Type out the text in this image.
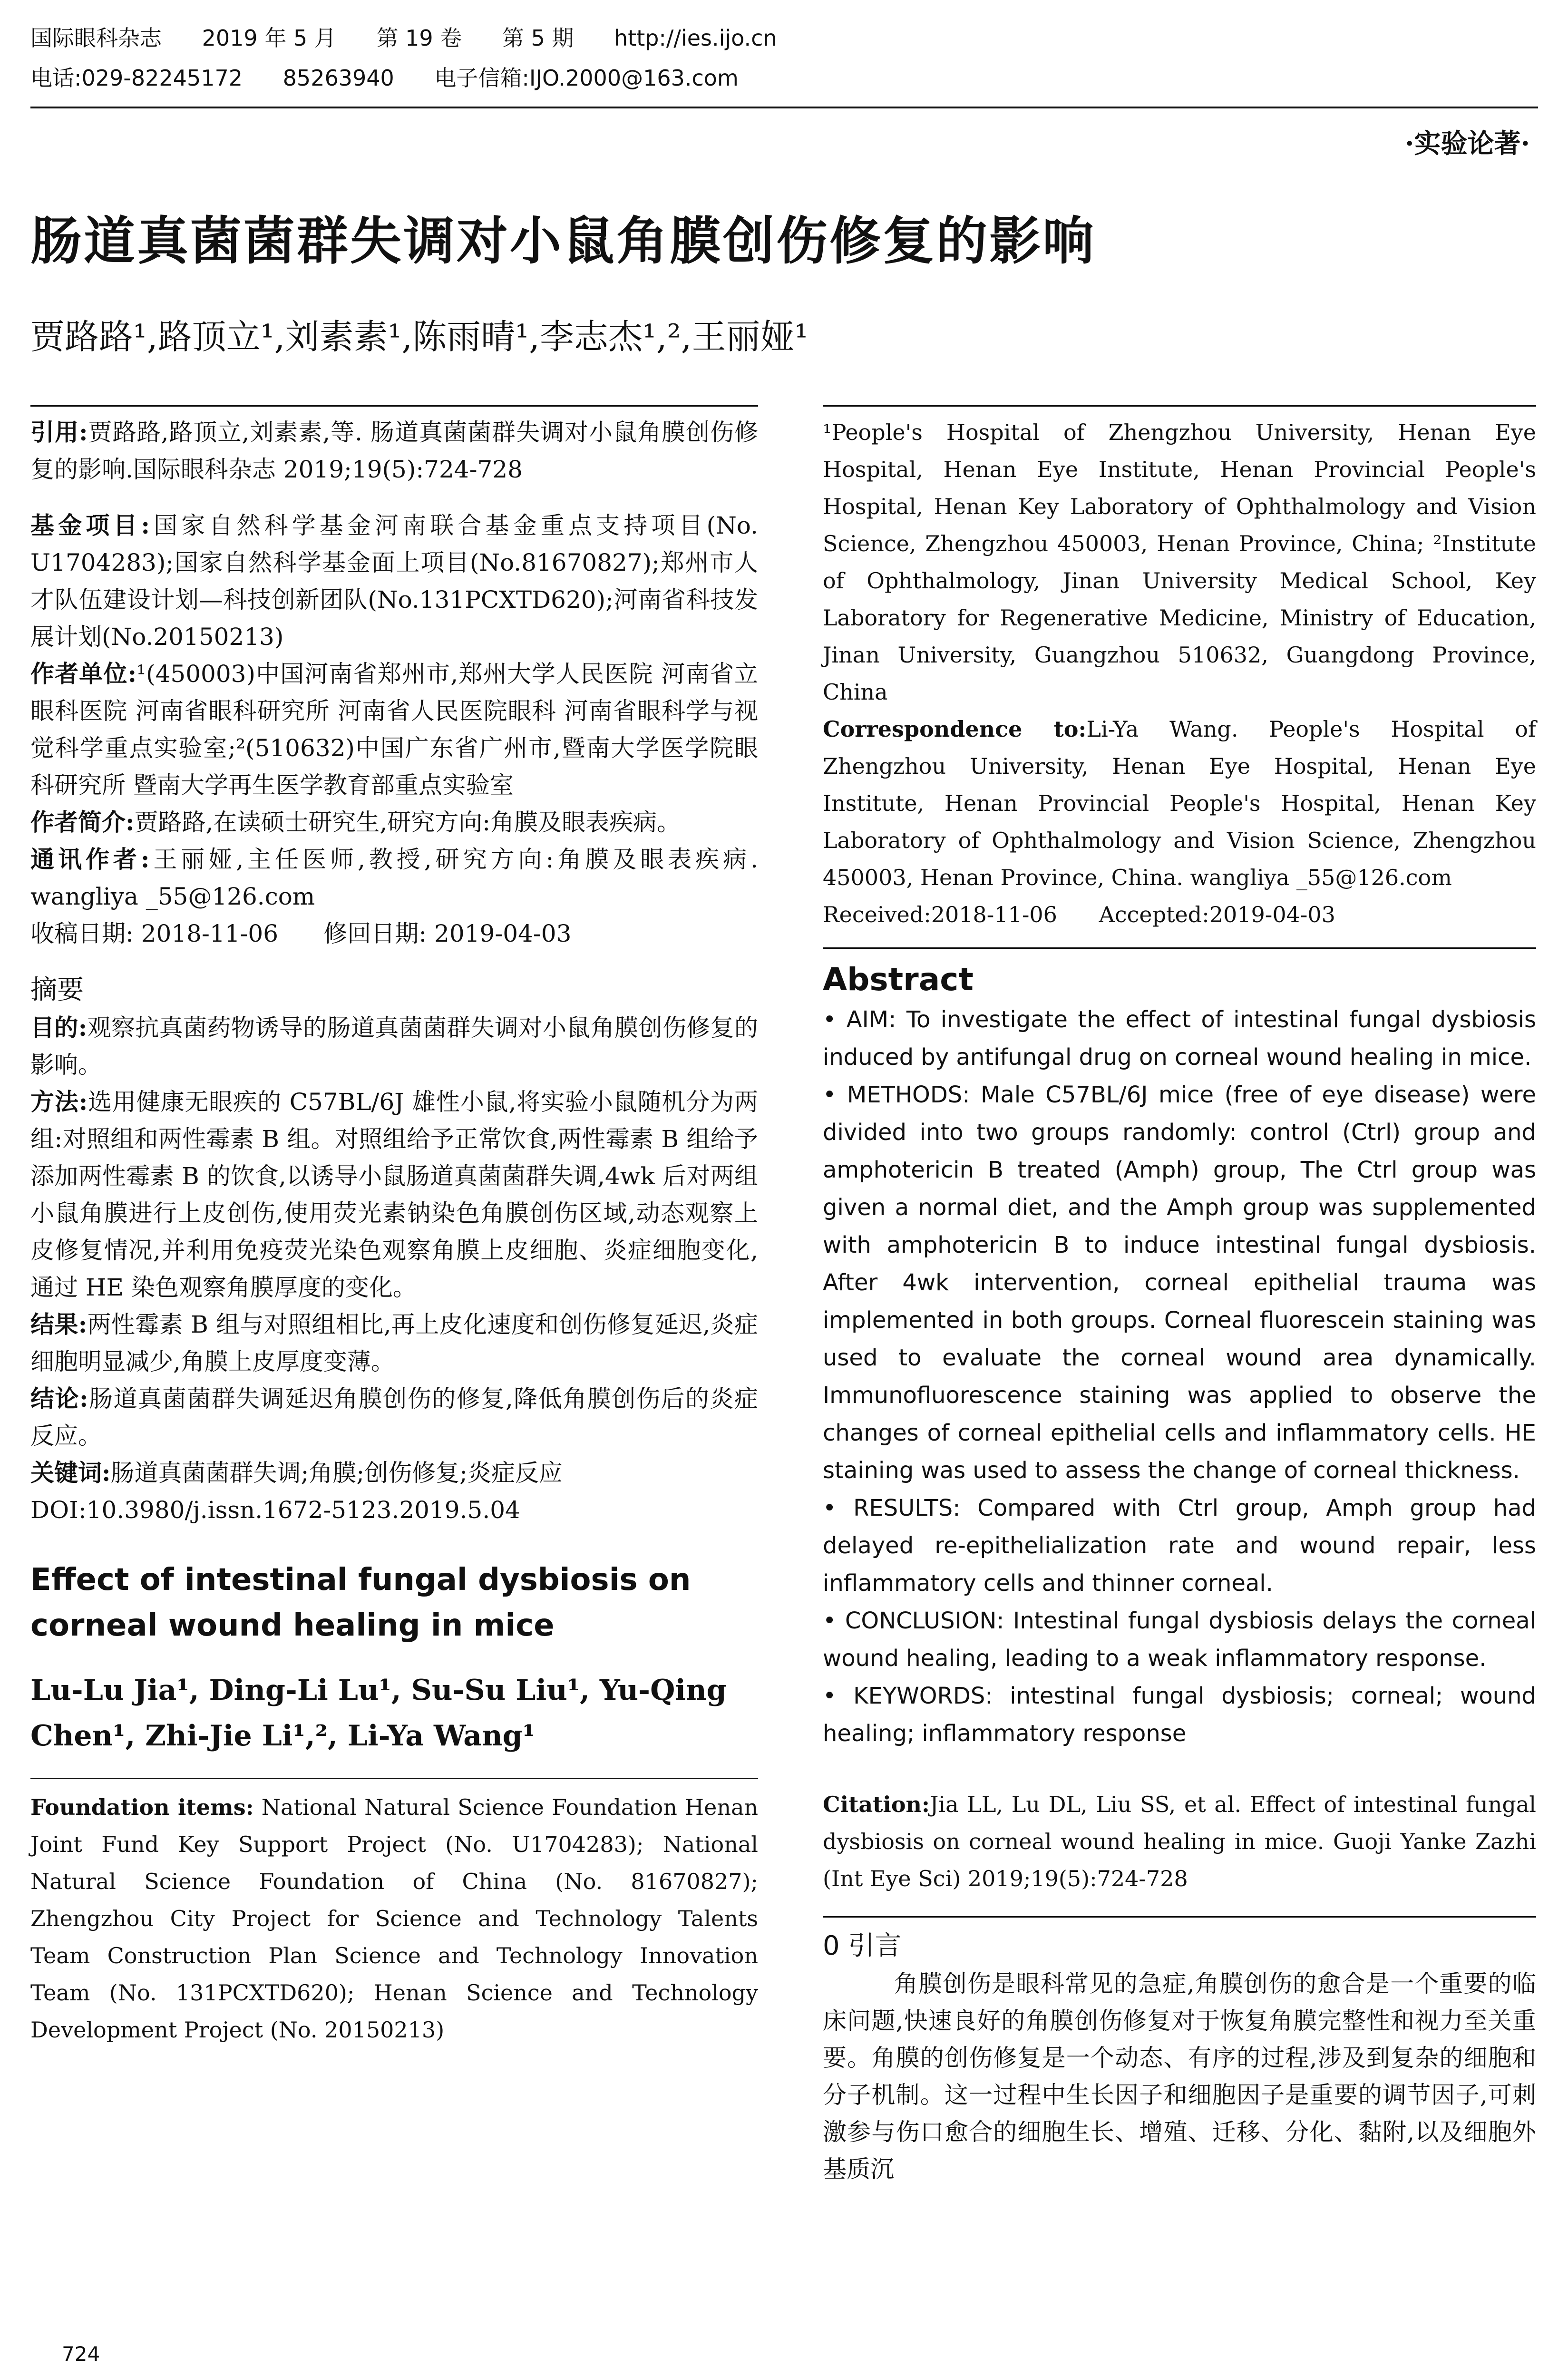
国际眼科杂志 2019 年 5 月 第 19 卷 第 5 期 http://ies.ijo.cn
电话:029-82245172 85263940 电子信箱:IJO.2000@163.com
·实验论著·
肠道真菌菌群失调对小鼠角膜创伤修复的影响
贾路路¹,路顶立¹,刘素素¹,陈雨晴¹,李志杰¹,²,王丽娅¹

引用:贾路路,路顶立,刘素素,等. 肠道真菌菌群失调对小鼠角膜创伤修复的影响.国际眼科杂志 2019;19(5):724-728

基金项目:国家自然科学基金河南联合基金重点支持项目(No. U1704283);国家自然科学基金面上项目(No.81670827);郑州市人才队伍建设计划—科技创新团队(No.131PCXTD620);河南省科技发展计划(No.20150213)

作者单位:¹(450003)中国河南省郑州市,郑州大学人民医院 河南省立眼科医院 河南省眼科研究所 河南省人民医院眼科 河南省眼科学与视觉科学重点实验室;²(510632)中国广东省广州市,暨南大学医学院眼科研究所 暨南大学再生医学教育部重点实验室

作者简介:贾路路,在读硕士研究生,研究方向:角膜及眼表疾病。

通讯作者:王丽娅,主任医师,教授,研究方向:角膜及眼表疾病. wangliya _55@126.com

收稿日期: 2018-11-06      修回日期: 2019-04-03

摘要

目的:观察抗真菌药物诱导的肠道真菌菌群失调对小鼠角膜创伤修复的影响。

方法:选用健康无眼疾的 C57BL/6J 雄性小鼠,将实验小鼠随机分为两组:对照组和两性霉素 B 组。对照组给予正常饮食,两性霉素 B 组给予添加两性霉素 B 的饮食,以诱导小鼠肠道真菌菌群失调,4wk 后对两组小鼠角膜进行上皮创伤,使用荧光素钠染色角膜创伤区域,动态观察上皮修复情况,并利用免疫荧光染色观察角膜上皮细胞、炎症细胞变化,通过 HE 染色观察角膜厚度的变化。

结果:两性霉素 B 组与对照组相比,再上皮化速度和创伤修复延迟,炎症细胞明显减少,角膜上皮厚度变薄。

结论:肠道真菌菌群失调延迟角膜创伤的修复,降低角膜创伤后的炎症反应。

关键词:肠道真菌菌群失调;角膜;创伤修复;炎症反应

DOI:10.3980/j.issn.1672-5123.2019.5.04

Effect of intestinal fungal dysbiosis on corneal wound healing in mice

Lu-Lu Jia¹, Ding-Li Lu¹, Su-Su Liu¹, Yu-Qing Chen¹, Zhi-Jie Li¹,², Li-Ya Wang¹

Foundation items: National Natural Science Foundation Henan Joint Fund Key Support Project (No. U1704283); National Natural Science Foundation of China (No. 81670827); Zhengzhou City Project for Science and Technology Talents Team Construction Plan Science and Technology Innovation Team (No. 131PCXTD620); Henan Science and Technology Development Project (No. 20150213)

¹People's Hospital of Zhengzhou University, Henan Eye Hospital, Henan Eye Institute, Henan Provincial People's Hospital, Henan Key Laboratory of Ophthalmology and Vision Science, Zhengzhou 450003, Henan Province, China; ²Institute of Ophthalmology, Jinan University Medical School, Key Laboratory for Regenerative Medicine, Ministry of Education, Jinan University, Guangzhou 510632, Guangdong Province, China

Correspondence to:Li-Ya Wang. People's Hospital of Zhengzhou University, Henan Eye Hospital, Henan Eye Institute, Henan Provincial People's Hospital, Henan Key Laboratory of Ophthalmology and Vision Science, Zhengzhou 450003, Henan Province, China. wangliya _55@126.com

Received:2018-11-06      Accepted:2019-04-03

Abstract

• AIM: To investigate the effect of intestinal fungal dysbiosis induced by antifungal drug on corneal wound healing in mice.

• METHODS: Male C57BL/6J mice (free of eye disease) were divided into two groups randomly: control (Ctrl) group and amphotericin B treated (Amph) group, The Ctrl group was given a normal diet, and the Amph group was supplemented with amphotericin B to induce intestinal fungal dysbiosis. After 4wk intervention, corneal epithelial trauma was implemented in both groups. Corneal fluorescein staining was used to evaluate the corneal wound area dynamically. Immunofluorescence staining was applied to observe the changes of corneal epithelial cells and inflammatory cells. HE staining was used to assess the change of corneal thickness.

• RESULTS: Compared with Ctrl group, Amph group had delayed re-epithelialization rate and wound repair, less inflammatory cells and thinner corneal.

• CONCLUSION: Intestinal fungal dysbiosis delays the corneal wound healing, leading to a weak inflammatory response.

• KEYWORDS: intestinal fungal dysbiosis; corneal; wound healing; inflammatory response

Citation:Jia LL, Lu DL, Liu SS, et al. Effect of intestinal fungal dysbiosis on corneal wound healing in mice. Guoji Yanke Zazhi (Int Eye Sci) 2019;19(5):724-728

0 引言

角膜创伤是眼科常见的急症,角膜创伤的愈合是一个重要的临床问题,快速良好的角膜创伤修复对于恢复角膜完整性和视力至关重要。角膜的创伤修复是一个动态、有序的过程,涉及到复杂的细胞和分子机制。这一过程中生长因子和细胞因子是重要的调节因子,可刺激参与伤口愈合的细胞生长、增殖、迁移、分化、黏附,以及细胞外基质沉

724
